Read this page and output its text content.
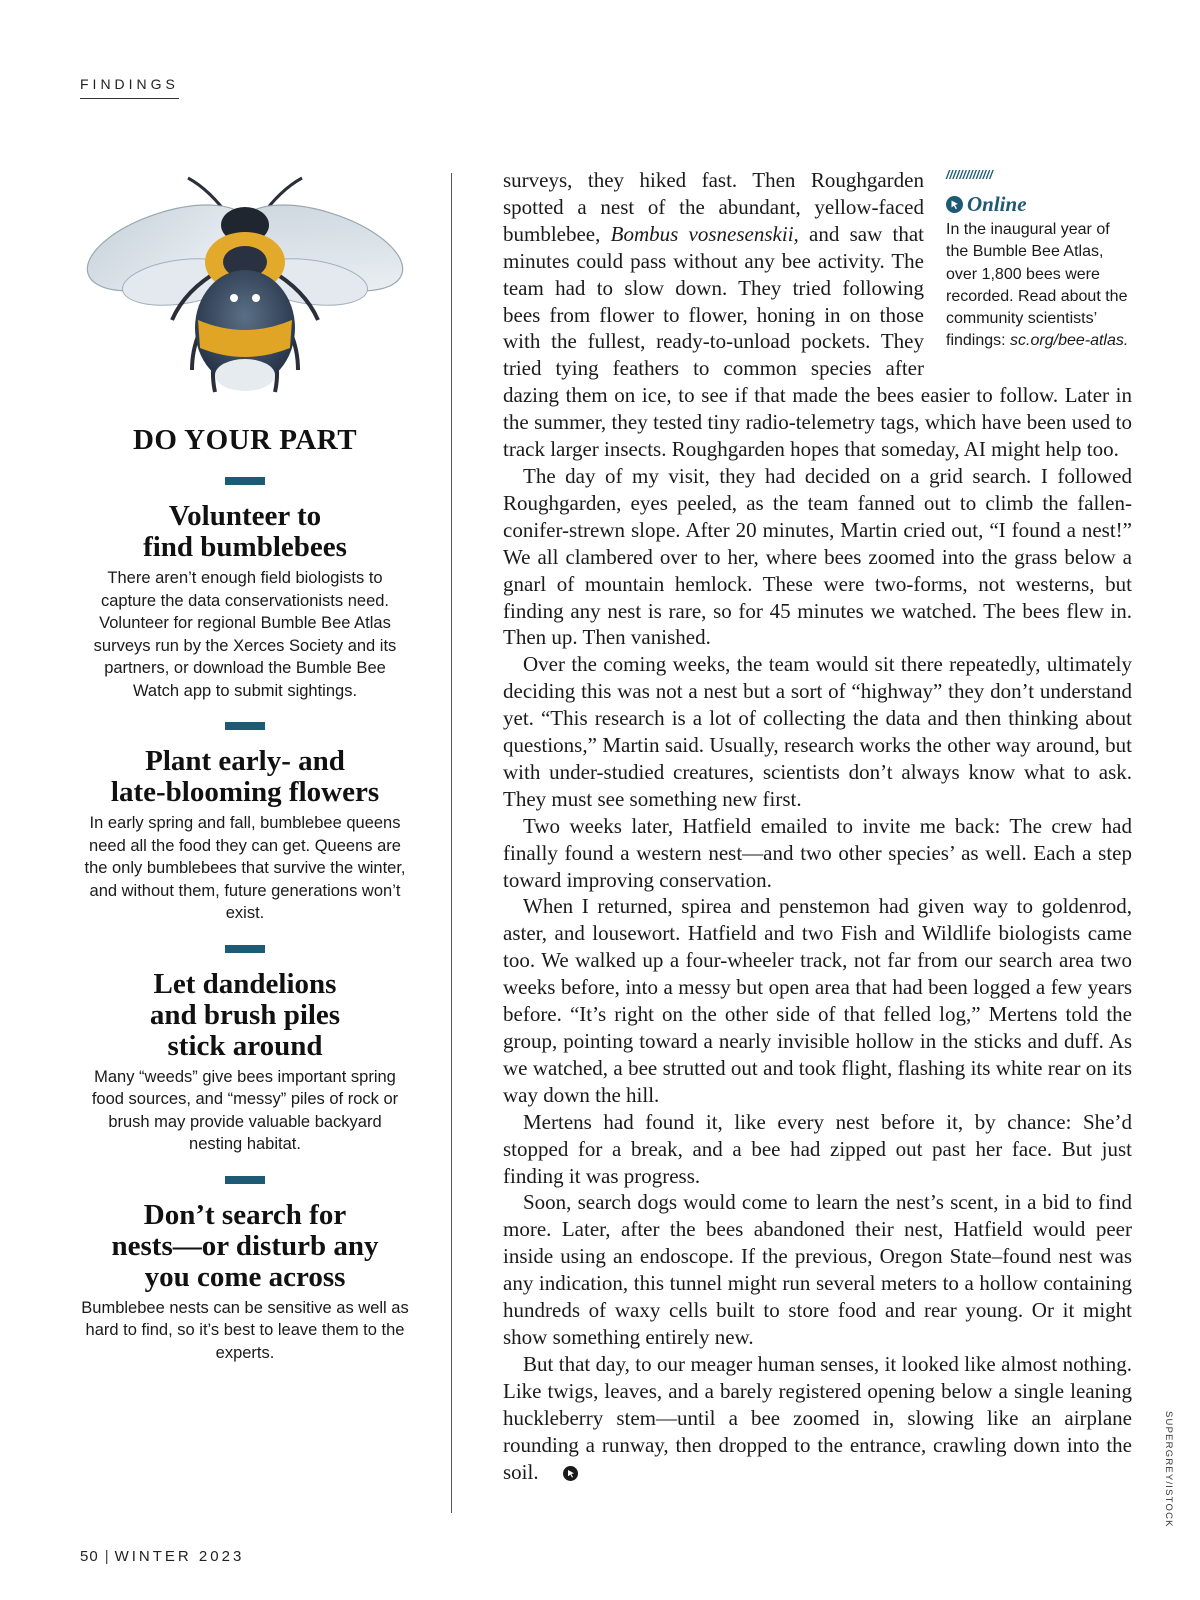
FINDINGS
DO YOUR PART
Volunteer to
find bumblebees

There aren’t enough field biologists to capture the data conservationists need. Volunteer for regional Bumble Bee Atlas surveys run by the Xerces Society and its partners, or download the Bumble Bee Watch app to submit sightings.

Plant early- and
late-blooming flowers

In early spring and fall, bumblebee queens need all the food they can get. Queens are the only bumblebees that survive the winter, and without them, future generations won’t exist.

Let dandelions
and brush piles
stick around

Many “weeds” give bees important spring food sources, and “messy” piles of rock or brush may provide valuable backyard nesting habitat.

Don’t search for
nests—or disturb any
you come across

Bumblebee nests can be sensitive as well as hard to find, so it’s best to leave them to the experts.

//////////////
Online
In the inaugural year of the Bumble Bee Atlas, over 1,800 bees were recorded. Read about the community scientists’ findings: sc.org/bee-atlas.

surveys, they hiked fast. Then Roughgarden spotted a nest of the abundant, yellow-faced bumblebee, Bombus vosnesenskii, and saw that minutes could pass without any bee activity. The team had to slow down. They tried following bees from flower to flower, honing in on those with the fullest, ready-to-unload pockets. They tried tying feathers to common species after dazing them on ice, to see if that made the bees easier to follow. Later in the summer, they tested tiny radio-telemetry tags, which have been used to track larger insects. Roughgarden hopes that someday, AI might help too.

The day of my visit, they had decided on a grid search. I followed Roughgarden, eyes peeled, as the team fanned out to climb the fallen-conifer-strewn slope. After 20 minutes, Martin cried out, “I found a nest!” We all clambered over to her, where bees zoomed into the grass below a gnarl of mountain hemlock. These were two-forms, not westerns, but finding any nest is rare, so for 45 minutes we watched. The bees flew in. Then up. Then vanished.

Over the coming weeks, the team would sit there repeatedly, ultimately deciding this was not a nest but a sort of “highway” they don’t understand yet. “This research is a lot of collecting the data and then thinking about questions,” Martin said. Usually, research works the other way around, but with under-studied creatures, scientists don’t always know what to ask. They must see something new first.

Two weeks later, Hatfield emailed to invite me back: The crew had finally found a western nest—and two other species’ as well. Each a step toward improving conservation.

When I returned, spirea and penstemon had given way to goldenrod, aster, and lousewort. Hatfield and two Fish and Wildlife biologists came too. We walked up a four-wheeler track, not far from our search area two weeks before, into a messy but open area that had been logged a few years before. “It’s right on the other side of that felled log,” Mertens told the group, pointing toward a nearly invisible hollow in the sticks and duff. As we watched, a bee strutted out and took flight, flashing its white rear on its way down the hill.

Mertens had found it, like every nest before it, by chance: She’d stopped for a break, and a bee had zipped out past her face. But just finding it was progress.

Soon, search dogs would come to learn the nest’s scent, in a bid to find more. Later, after the bees abandoned their nest, Hatfield would peer inside using an endoscope. If the previous, Oregon State–found nest was any indication, this tunnel might run several meters to a hollow containing hundreds of waxy cells built to store food and rear young. Or it might show something entirely new.

But that day, to our meager human senses, it looked like almost nothing. Like twigs, leaves, and a barely registered opening below a single leaning huckleberry stem—until a bee zoomed in, slowing like an airplane rounding a runway, then dropped to the entrance, crawling down into the soil.

50 | WINTER 2023
SUPERGREY/ISTOCK
